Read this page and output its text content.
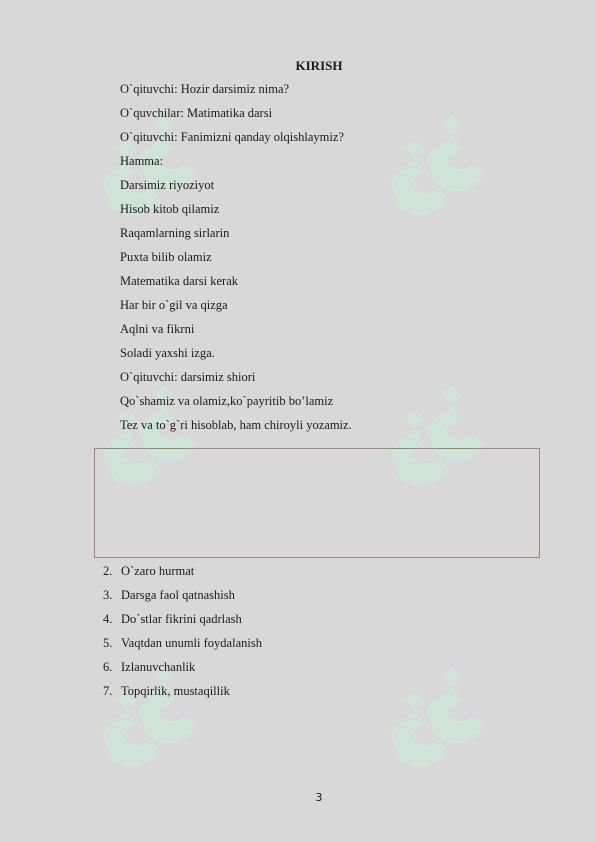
KIRISH
O`qituvchi: Hozir darsimiz nima?
O`quvchilar: Matimatika darsi
O`qituvchi: Fanimizni qanday olqishlaymiz?
Hamma:
Darsimiz riyoziyot
Hisob kitob qilamiz
Raqamlarning sirlarin
Puxta bilib olamiz
Matematika darsi kerak
Har bir o`gil va qizga
Aqlni va fikrni
Soladi yaxshi izga.
O`qituvchi: darsimiz shiori
Qo`shamiz va olamiz,ko`payritib bo’lamiz
Tez va to`g`ri hisoblab, ham chiroyli yozamiz.
2. O`zaro hurmat
3. Darsga faol qatnashish
4. Do`stlar fikrini qadrlash
5. Vaqtdan unumli foydalanish
6. Izlanuvchanlik
7. Topqirlik, mustaqillik
3
